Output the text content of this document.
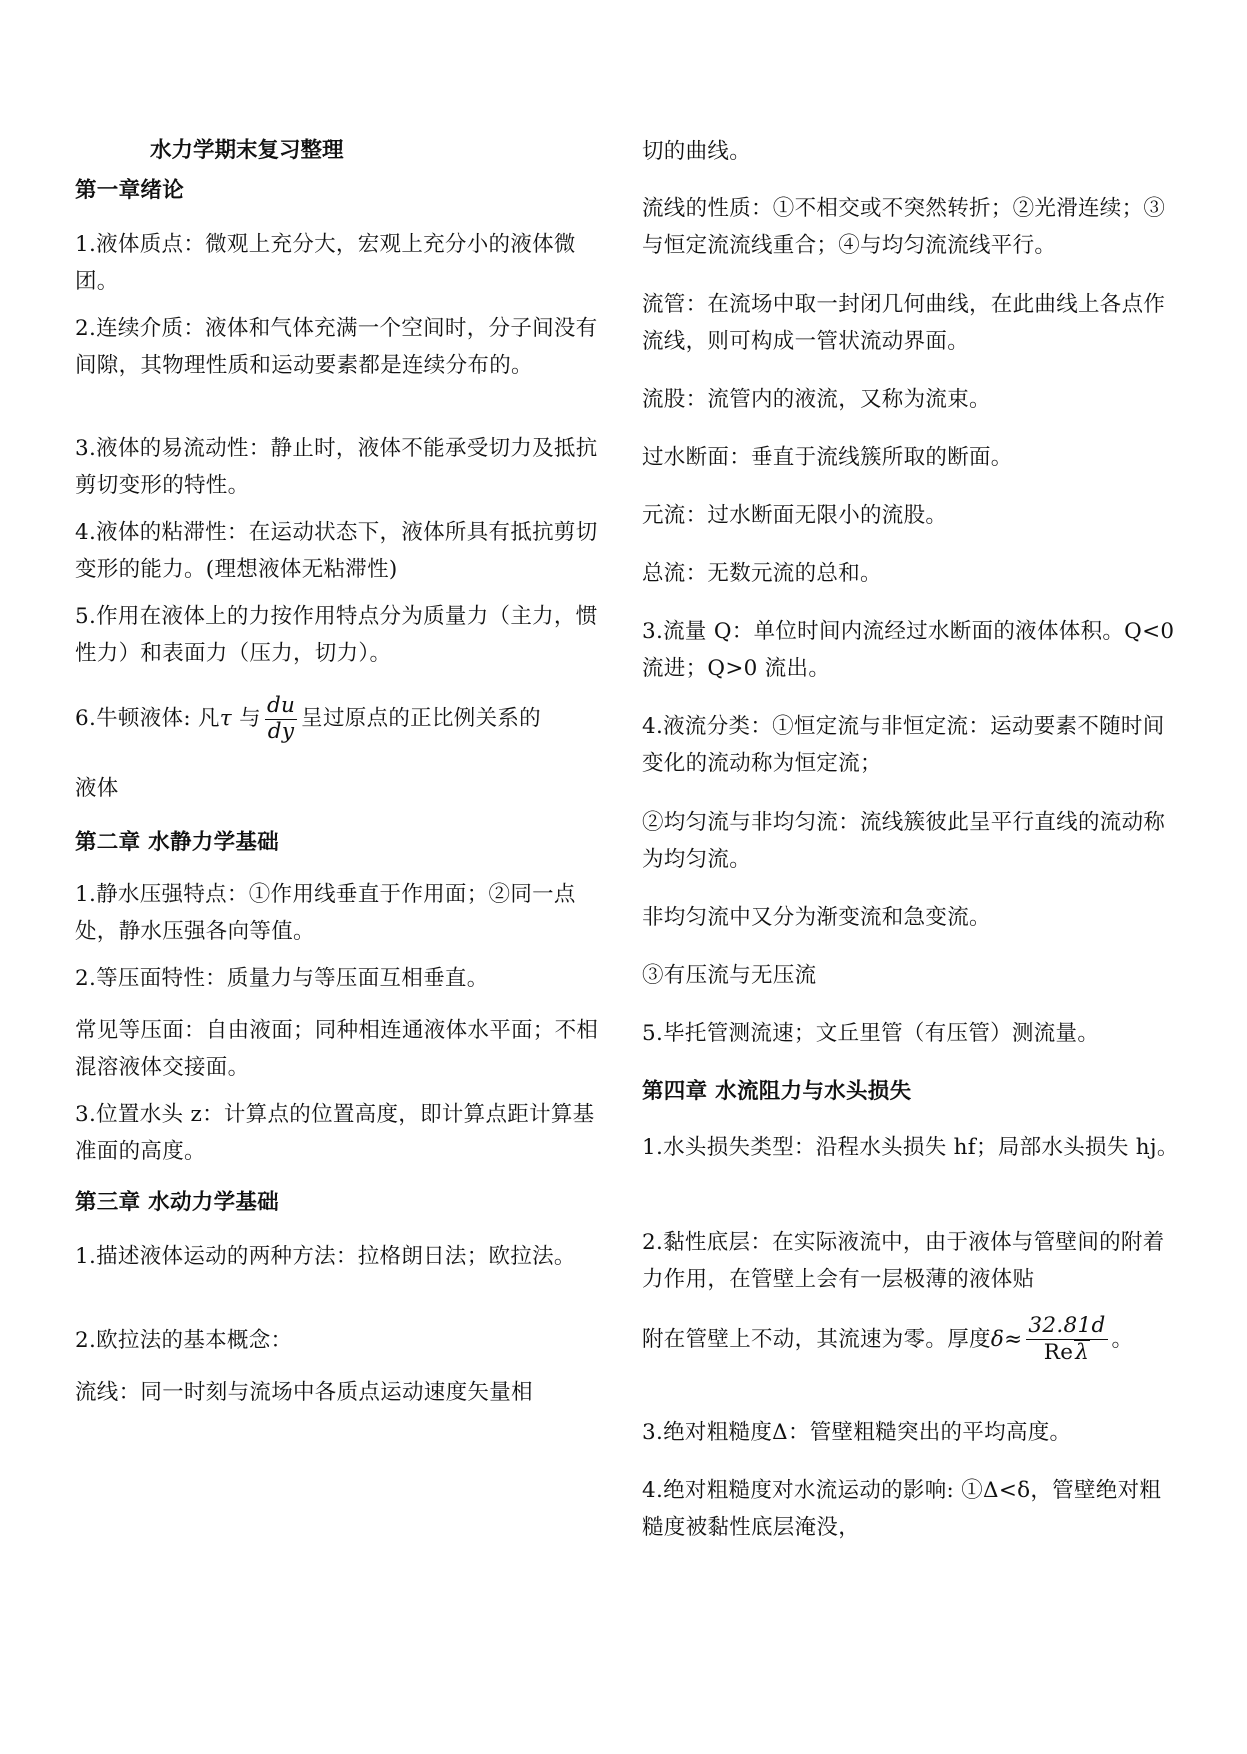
水力学期末复习整理
第一章绪论
1.液体质点：微观上充分大，宏观上充分小的液体微团。
2.连续介质：液体和气体充满一个空间时，分子间没有间隙，其物理性质和运动要素都是连续分布的。
3.液体的易流动性：静止时，液体不能承受切力及抵抗剪切变形的特性。
4.液体的粘滞性：在运动状态下，液体所具有抵抗剪切变形的能力。(理想液体无粘滞性)
5.作用在液体上的力按作用特点分为质量力（主力，惯性力）和表面力（压力，切力）。
6.牛顿液体: 凡τ 与 $\frac{du}{dy}$ 呈过原点的正比例关系的
液体
第二章 水静力学基础
1.静水压强特点：①作用线垂直于作用面；②同一点处，静水压强各向等值。
2.等压面特性：质量力与等压面互相垂直。
常见等压面：自由液面；同种相连通液体水平面；不相混溶液体交接面。
3.位置水头 z：计算点的位置高度，即计算点距计算基准面的高度。
第三章 水动力学基础
1.描述液体运动的两种方法：拉格朗日法；欧拉法。
2.欧拉法的基本概念：
流线：同一时刻与流场中各质点运动速度矢量相
切的曲线。
流线的性质：①不相交或不突然转折；②光滑连续；③与恒定流流线重合；④与均匀流流线平行。
流管：在流场中取一封闭几何曲线，在此曲线上各点作流线，则可构成一管状流动界面。
流股：流管内的液流，又称为流束。
过水断面：垂直于流线簇所取的断面。
元流：过水断面无限小的流股。
总流：无数元流的总和。
3.流量 Q：单位时间内流经过水断面的液体体积。Q<0 流进；Q>0 流出。
4.液流分类：①恒定流与非恒定流：运动要素不随时间变化的流动称为恒定流；
②均匀流与非均匀流：流线簇彼此呈平行直线的流动称为均匀流。
非均匀流中又分为渐变流和急变流。
③有压流与无压流
5.毕托管测流速；文丘里管（有压管）测流量。
第四章 水流阻力与水头损失
1.水头损失类型：沿程水头损失 hf；局部水头损失 hj。
2.黏性底层：在实际液流中，由于液体与管壁间的附着力作用，在管壁上会有一层极薄的液体贴
附在管壁上不动，其流速为零。厚度$\delta\approx \frac{32.81d}{\text{Reλ}}$ 。
3.绝对粗糙度Δ：管壁粗糙突出的平均高度。
4.绝对粗糙度对水流运动的影响: ①Δ<δ，管壁绝对粗糙度被黏性底层淹没，
